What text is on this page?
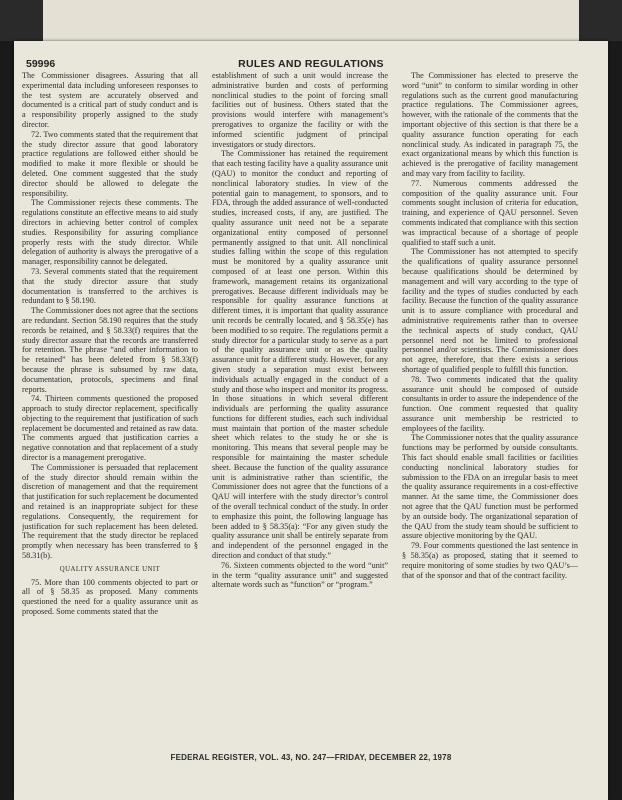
59996	RULES AND REGULATIONS

The Commissioner disagrees. Assuring that all experimental data including unforeseen responses to the test system are accurately observed and documented is a critical part of study conduct and is a responsibility properly assigned to the study director.

72. Two comments stated that the requirement that the study director assure that good laboratory practice regulations are followed either should be modified to make it more flexible or should be deleted. One comment suggested that the study director should be allowed to delegate the responsibility.

The Commissioner rejects these comments. The regulations constitute an effective means to aid study directors in achieving better control of complex studies. Responsibility for assuring compliance properly rests with the study director. While delegation of authority is always the prerogative of a manager, responsibility cannot be delegated.

73. Several comments stated that the requirement that the study director assure that study documentation is transferred to the archives is redundant to § 58.190.

The Commissioner does not agree that the sections are redundant. Section 58.190 requires that the study records be retained, and § 58.33(f) requires that the study director assure that the records are transferred for retention. The phrase “and other information to be retained” has been deleted from § 58.33(f) because the phrase is subsumed by raw data, documentation, protocols, specimens and final reports.

74. Thirteen comments questioned the proposed approach to study director replacement, specifically objecting to the requirement that justification of such replacement be documented and retained as raw data. The comments argued that justification carries a negative connotation and that replacement of a study director is a management prerogative.

The Commissioner is persuaded that replacement of the study director should remain within the discretion of management and that the requirement that justification for such replacement be documented and retained is an inappropriate subject for these regulations. Consequently, the requirement for justification for such replacement has been deleted. The requirement that the study director be replaced promptly when necessary has been transferred to § 58.31(b).

QUALITY ASSURANCE UNIT

75. More than 100 comments objected to part or all of § 58.35 as proposed. Many comments questioned the need for a quality assurance unit as proposed. Some comments stated that the

establishment of such a unit would increase the administrative burden and costs of performing nonclinical studies to the point of forcing small facilities out of business. Others stated that the provisions would interfere with management’s prerogatives to organize the facility or with the informed scientific judgment of principal investigators or study directors.

The Commissioner has retained the requirement that each testing facility have a quality assurance unit (QAU) to monitor the conduct and reporting of nonclinical laboratory studies. In view of the potential gain to management, to sponsors, and to FDA, through the added assurance of well-conducted studies, increased costs, if any, are justified. The quality assurance unit need not be a separate organizational entity composed of personnel permanently assigned to that unit. All nonclinical studies falling within the scope of this regulation must be monitored by a quality assurance unit composed of at least one person. Within this framework, management retains its organizational prerogatives. Because different individuals may be responsible for quality assurance functions at different times, it is important that quality assurance unit records be centrally located, and § 58.35(e) has been modified to so require. The regulations permit a study director for a particular study to serve as a part of the quality assurance unit or as the quality assurance unit for a different study. However, for any given study a separation must exist between individuals actually engaged in the conduct of a study and those who inspect and monitor its progress. In those situations in which several different individuals are performing the quality assurance functions for different studies, each such individual must maintain that portion of the master schedule sheet which relates to the study he or she is monitoring. This means that several people may be responsible for maintaining the master schedule sheet. Because the function of the quality assurance unit is administrative rather than scientific, the Commissioner does not agree that the functions of a QAU will interfere with the study director’s control of the overall technical conduct of the study. In order to emphasize this point, the following language has been added to § 58.35(a): “For any given study the quality assurance unit shall be entirely separate from and independent of the personnel engaged in the direction and conduct of that study.”

76. Sixteen comments objected to the word “unit” in the term “quality assurance unit” and suggested alternate words such as “function” or “program.”

The Commissioner has elected to preserve the word “unit” to conform to similar wording in other regulations such as the current good manufacturing practice regulations. The Commissioner agrees, however, with the rationale of the comments that the important objective of this section is that there be a quality assurance function operating for each nonclinical study. As indicated in paragraph 75, the exact organizational means by which this function is achieved is the prerogative of facility management and may vary from facility to facility.

77. Numerous comments addressed the composition of the quality assurance unit. Four comments sought inclusion of criteria for education, training, and experience of QAU personnel. Seven comments indicated that compliance with this section was impractical because of a shortage of people qualified to staff such a unit.

The Commissioner has not attempted to specify the qualifications of quality assurance personnel because qualifications should be determined by management and will vary according to the type of facility and the types of studies conducted by each facility. Because the function of the quality assurance unit is to assure compliance with procedural and administrative requirements rather than to oversee the technical aspects of study conduct, QAU personnel need not be limited to professional personnel and/or scientists. The Commissioner does not agree, therefore, that there exists a serious shortage of qualified people to fulfill this function.

78. Two comments indicated that the quality assurance unit should be composed of outside consultants in order to assure the independence of the function. One comment requested that quality assurance unit membership be restricted to employees of the facility.

The Commissioner notes that the quality assurance functions may be performed by outside consultants. This fact should enable small facilities or facilities conducting nonclinical laboratory studies for submission to the FDA on an irregular basis to meet the quality assurance requirements in a cost-effective manner. At the same time, the Commissioner does not agree that the QAU function must be performed by an outside body. The organizational separation of the QAU from the study team should be sufficient to assure objective monitoring by the QAU.

79. Four comments questioned the last sentence in § 58.35(a) as proposed, stating that it seemed to require monitoring of some studies by two QAU’s—that of the sponsor and that of the contract facility.

FEDERAL REGISTER, VOL. 43, NO. 247—FRIDAY, DECEMBER 22, 1978
